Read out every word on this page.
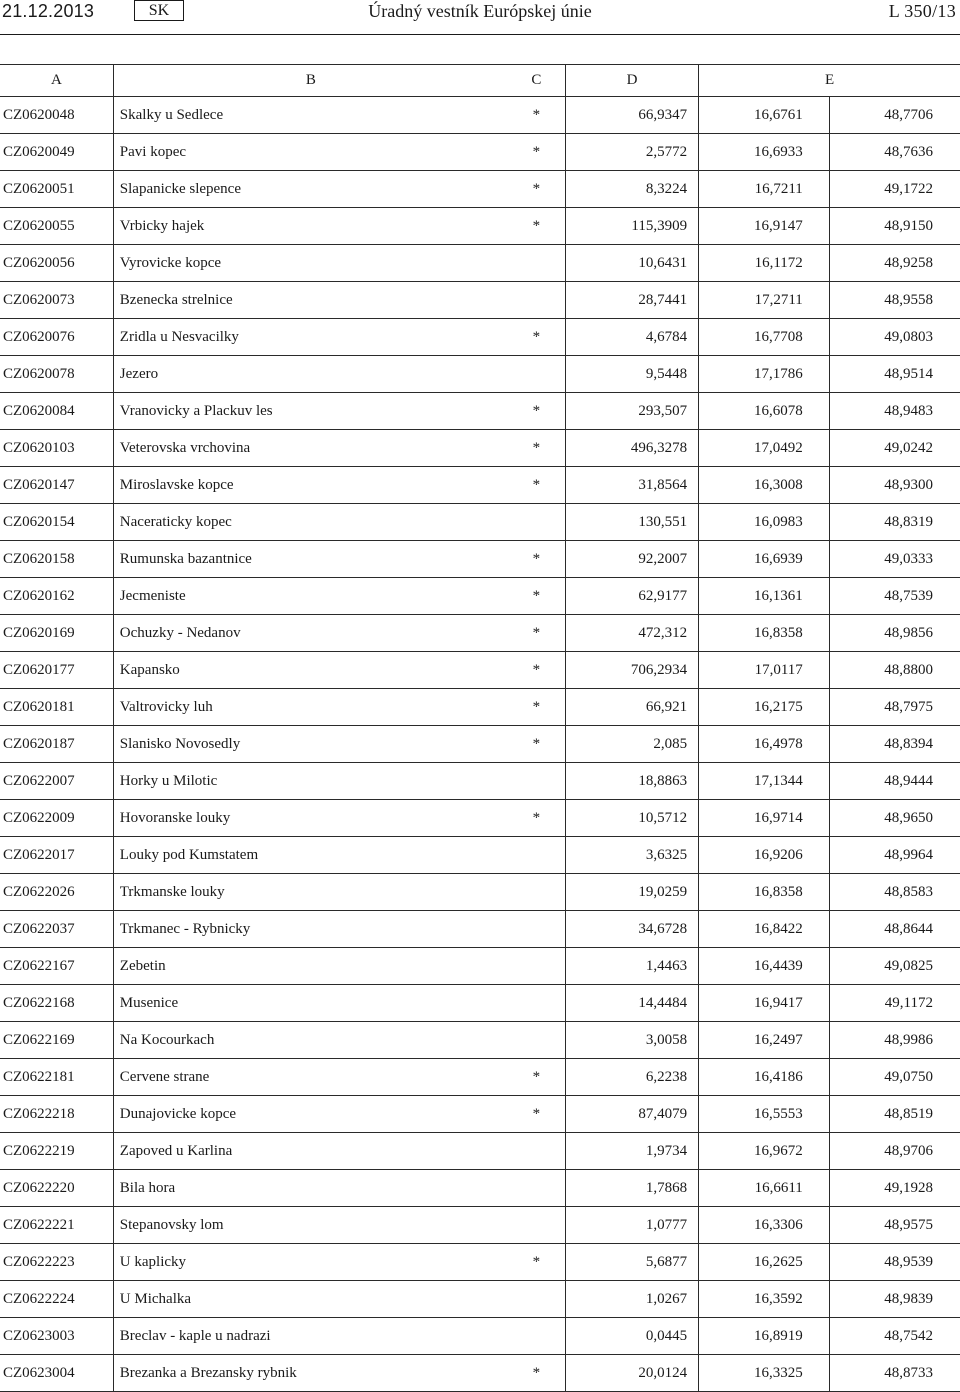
21.12.2013	SK	Úradný vestník Európskej únie	L 350/13
A	B	C	D	E	
CZ0620048	Skalky u Sedlece	*	66,9347	16,6761	48,7706
CZ0620049	Pavi kopec	*	2,5772	16,6933	48,7636
CZ0620051	Slapanicke slepence	*	8,3224	16,7211	49,1722
CZ0620055	Vrbicky hajek	*	115,3909	16,9147	48,9150
CZ0620056	Vyrovicke kopce		10,6431	16,1172	48,9258
CZ0620073	Bzenecka strelnice		28,7441	17,2711	48,9558
CZ0620076	Zridla u Nesvacilky	*	4,6784	16,7708	49,0803
CZ0620078	Jezero		9,5448	17,1786	48,9514
CZ0620084	Vranovicky a Plackuv les	*	293,507	16,6078	48,9483
CZ0620103	Veterovska vrchovina	*	496,3278	17,0492	49,0242
CZ0620147	Miroslavske kopce	*	31,8564	16,3008	48,9300
CZ0620154	Naceraticky kopec		130,551	16,0983	48,8319
CZ0620158	Rumunska bazantnice	*	92,2007	16,6939	49,0333
CZ0620162	Jecmeniste	*	62,9177	16,1361	48,7539
CZ0620169	Ochuzky - Nedanov	*	472,312	16,8358	48,9856
CZ0620177	Kapansko	*	706,2934	17,0117	48,8800
CZ0620181	Valtrovicky luh	*	66,921	16,2175	48,7975
CZ0620187	Slanisko Novosedly	*	2,085	16,4978	48,8394
CZ0622007	Horky u Milotic		18,8863	17,1344	48,9444
CZ0622009	Hovoranske louky	*	10,5712	16,9714	48,9650
CZ0622017	Louky pod Kumstatem		3,6325	16,9206	48,9964
CZ0622026	Trkmanske louky		19,0259	16,8358	48,8583
CZ0622037	Trkmanec - Rybnicky		34,6728	16,8422	48,8644
CZ0622167	Zebetin		1,4463	16,4439	49,0825
CZ0622168	Musenice		14,4484	16,9417	49,1172
CZ0622169	Na Kocourkach		3,0058	16,2497	48,9986
CZ0622181	Cervene strane	*	6,2238	16,4186	49,0750
CZ0622218	Dunajovicke kopce	*	87,4079	16,5553	48,8519
CZ0622219	Zapoved u Karlina		1,9734	16,9672	48,9706
CZ0622220	Bila hora		1,7868	16,6611	49,1928
CZ0622221	Stepanovsky lom		1,0777	16,3306	48,9575
CZ0622223	U kaplicky	*	5,6877	16,2625	48,9539
CZ0622224	U Michalka		1,0267	16,3592	48,9839
CZ0623003	Breclav - kaple u nadrazi		0,0445	16,8919	48,7542
CZ0623004	Brezanka a Brezansky rybnik	*	20,0124	16,3325	48,8733
